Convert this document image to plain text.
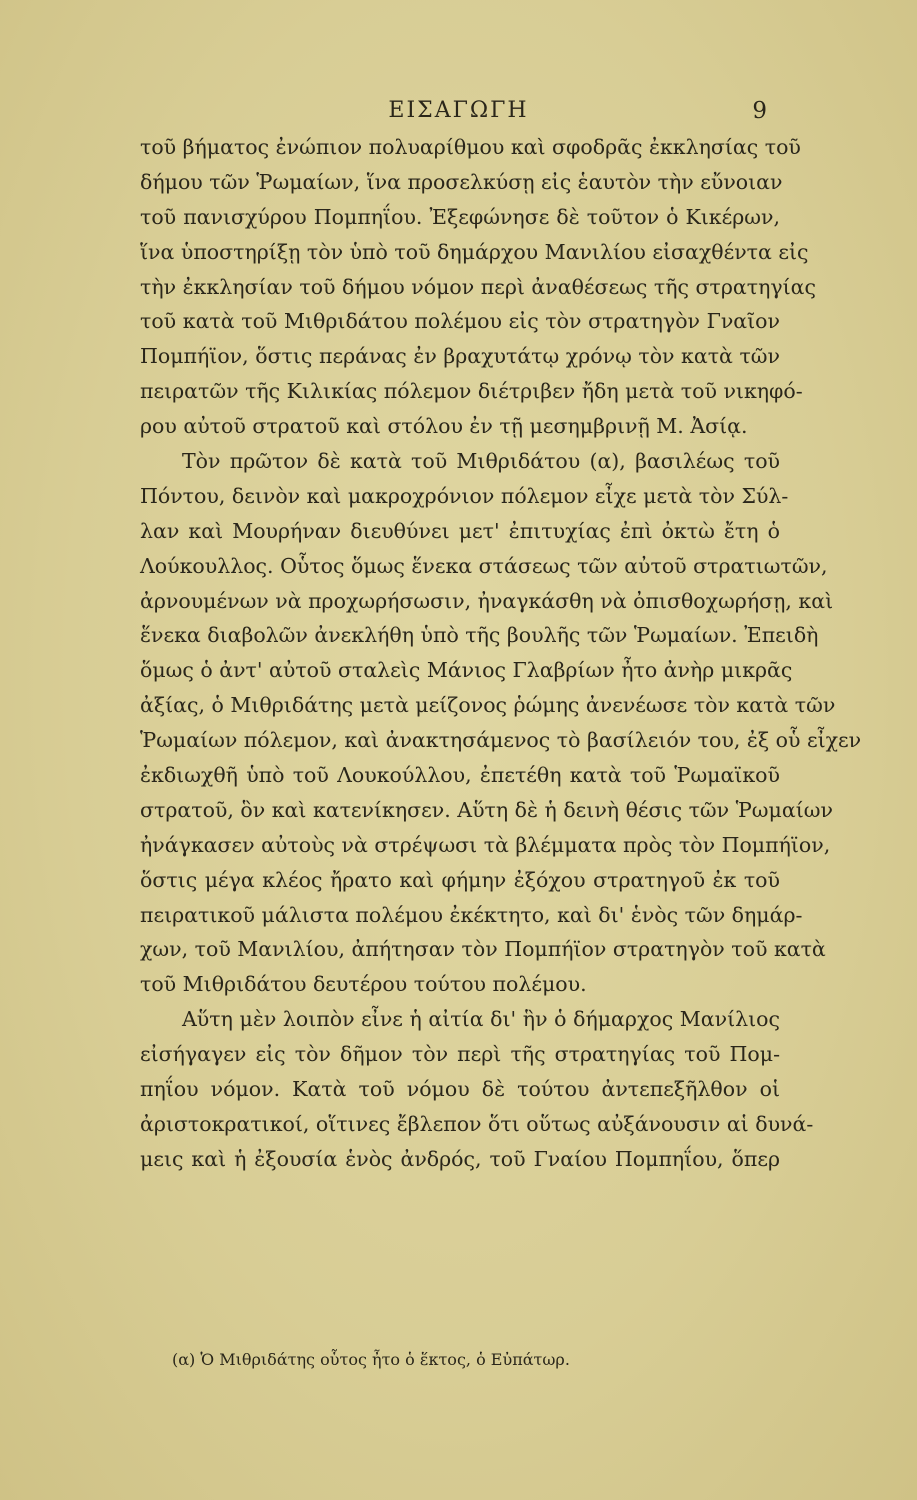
ΕΙΣΑΓΩΓΗ	9
τοῦ βήματος ἐνώπιον πολυαρίθμου καὶ σφοδρᾶς ἐκκλησίας τοῦ
δήμου τῶν Ῥωμαίων, ἵνα προσελκύσῃ εἰς ἑαυτὸν τὴν εὔνοιαν
τοῦ πανισχύρου Πομπηΐου. Ἐξεφώνησε δὲ τοῦτον ὁ Κικέρων,
ἵνα ὑποστηρίξῃ τὸν ὑπὸ τοῦ δημάρχου Μανιλίου εἰσαχθέντα εἰς
τὴν ἐκκλησίαν τοῦ δήμου νόμον περὶ ἀναθέσεως τῆς στρατηγίας
τοῦ κατὰ τοῦ Μιθριδάτου πολέμου εἰς τὸν στρατηγὸν Γναῖον
Πομπήϊον, ὅστις περάνας ἐν βραχυτάτῳ χρόνῳ τὸν κατὰ τῶν
πειρατῶν τῆς Κιλικίας πόλεμον διέτριβεν ἤδη μετὰ τοῦ νικηφό-
ρου αὐτοῦ στρατοῦ καὶ στόλου ἐν τῇ μεσημβρινῇ Μ. Ἀσίᾳ.
Τὸν πρῶτον δὲ κατὰ τοῦ Μιθριδάτου (α), βασιλέως τοῦ
Πόντου, δεινὸν καὶ μακροχρόνιον πόλεμον εἶχε μετὰ τὸν Σύλ-
λαν καὶ Μουρήναν διευθύνει μετ' ἐπιτυχίας ἐπὶ ὀκτὼ ἔτη ὁ
Λούκουλλος. Οὗτος ὅμως ἕνεκα στάσεως τῶν αὐτοῦ στρατιωτῶν,
ἀρνουμένων νὰ προχωρήσωσιν, ἠναγκάσθη νὰ ὀπισθοχωρήσῃ, καὶ
ἕνεκα διαβολῶν ἀνεκλήθη ὑπὸ τῆς βουλῆς τῶν Ῥωμαίων. Ἐπειδὴ
ὅμως ὁ ἀντ' αὐτοῦ σταλεὶς Μάνιος Γλαβρίων ἦτο ἀνὴρ μικρᾶς
ἀξίας, ὁ Μιθριδάτης μετὰ μείζονος ῥώμης ἀνενέωσε τὸν κατὰ τῶν
Ῥωμαίων πόλεμον, καὶ ἀνακτησάμενος τὸ βασίλειόν του, ἐξ οὗ εἶχεν
ἐκδιωχθῆ ὑπὸ τοῦ Λουκούλλου, ἐπετέθη κατὰ τοῦ Ῥωμαϊκοῦ
στρατοῦ, ὃν καὶ κατενίκησεν. Αὕτη δὲ ἡ δεινὴ θέσις τῶν Ῥωμαίων
ἠνάγκασεν αὐτοὺς νὰ στρέψωσι τὰ βλέμματα πρὸς τὸν Πομπήϊον,
ὅστις μέγα κλέος ἤρατο καὶ φήμην ἐξόχου στρατηγοῦ ἐκ τοῦ
πειρατικοῦ μάλιστα πολέμου ἐκέκτητο, καὶ δι' ἑνὸς τῶν δημάρ-
χων, τοῦ Μανιλίου, ἀπήτησαν τὸν Πομπήϊον στρατηγὸν τοῦ κατὰ
τοῦ Μιθριδάτου δευτέρου τούτου πολέμου.
Αὕτη μὲν λοιπὸν εἶνε ἡ αἰτία δι' ἣν ὁ δήμαρχος Μανίλιος
εἰσήγαγεν εἰς τὸν δῆμον τὸν περὶ τῆς στρατηγίας τοῦ Πομ-
πηΐου νόμον. Κατὰ τοῦ νόμου δὲ τούτου ἀντεπεξῆλθον οἱ
ἀριστοκρατικοί, οἵτινες ἔβλεπον ὅτι οὕτως αὐξάνουσιν αἱ δυνά-
μεις καὶ ἡ ἐξουσία ἑνὸς ἀνδρός, τοῦ Γναίου Πομπηΐου, ὅπερ
(α) Ὁ Μιθριδάτης οὗτος ἦτο ὁ ἕκτος, ὁ Εὐπάτωρ.
